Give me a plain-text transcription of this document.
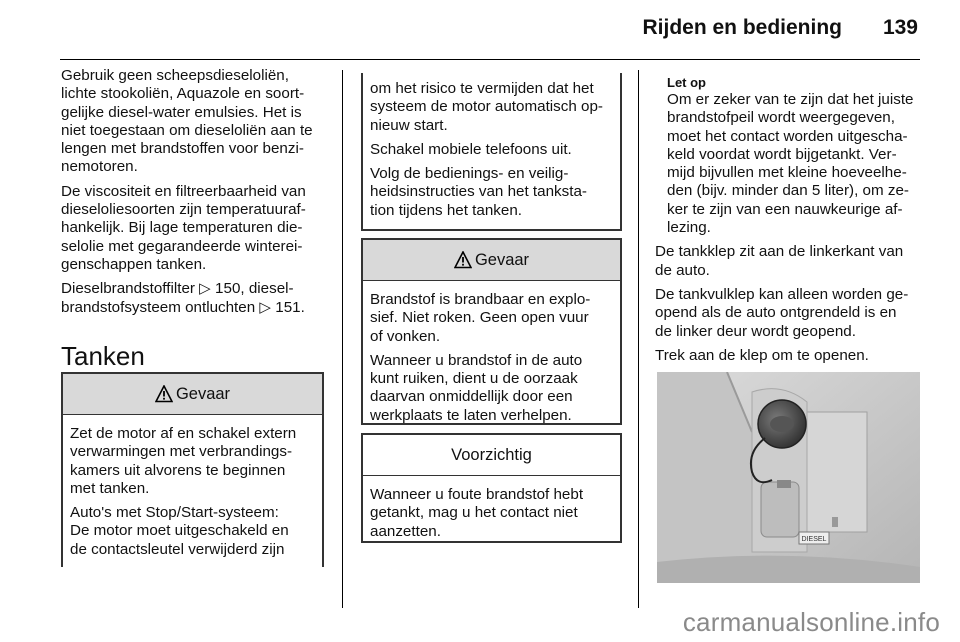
Rijden en bediening 139

Gebruik geen scheepsdieseloliën,
lichte stookoliën, Aquazole en soort-
gelijke diesel-water emulsies. Het is
niet toegestaan om dieseloliën aan te
lengen met brandstoffen voor benzi-
nemotoren.

De viscositeit en filtreerbaarheid van
dieseloliesoorten zijn temperatuuraf-
hankelijk. Bij lage temperaturen die-
selolie met gegarandeerde winterei-
genschappen tanken.

Dieselbrandstoffilter ▷ 150, diesel-
brandstofsysteem ontluchten ▷ 151.

Tanken
Gevaar

Zet de motor af en schakel extern
verwarmingen met verbrandings-
kamers uit alvorens te beginnen
met tanken.

Auto's met Stop/Start-systeem:
De motor moet uitgeschakeld en
de contactsleutel verwijderd zijn

om het risico te vermijden dat het
systeem de motor automatisch op-
nieuw start.

Schakel mobiele telefoons uit.

Volg de bedienings- en veilig-
heidsinstructies van het tanksta-
tion tijdens het tanken.

Gevaar

Brandstof is brandbaar en explo-
sief. Niet roken. Geen open vuur
of vonken.

Wanneer u brandstof in de auto
kunt ruiken, dient u de oorzaak
daarvan onmiddellijk door een
werkplaats te laten verhelpen.

Voorzichtig

Wanneer u foute brandstof hebt
getankt, mag u het contact niet
aanzetten.

Let op
Om er zeker van te zijn dat het juiste
brandstofpeil wordt weergegeven,
moet het contact worden uitgescha-
keld voordat wordt bijgetankt. Ver-
mijd bijvullen met kleine hoeveelhe-
den (bijv. minder dan 5 liter), om ze-
ker te zijn van een nauwkeurige af-
lezing.

De tankklep zit aan de linkerkant van
de auto.

De tankvulklep kan alleen worden ge-
opend als de auto ontgrendeld is en
de linker deur wordt geopend.

Trek aan de klep om te openen.

DIESEL
carmanualsonline.info
